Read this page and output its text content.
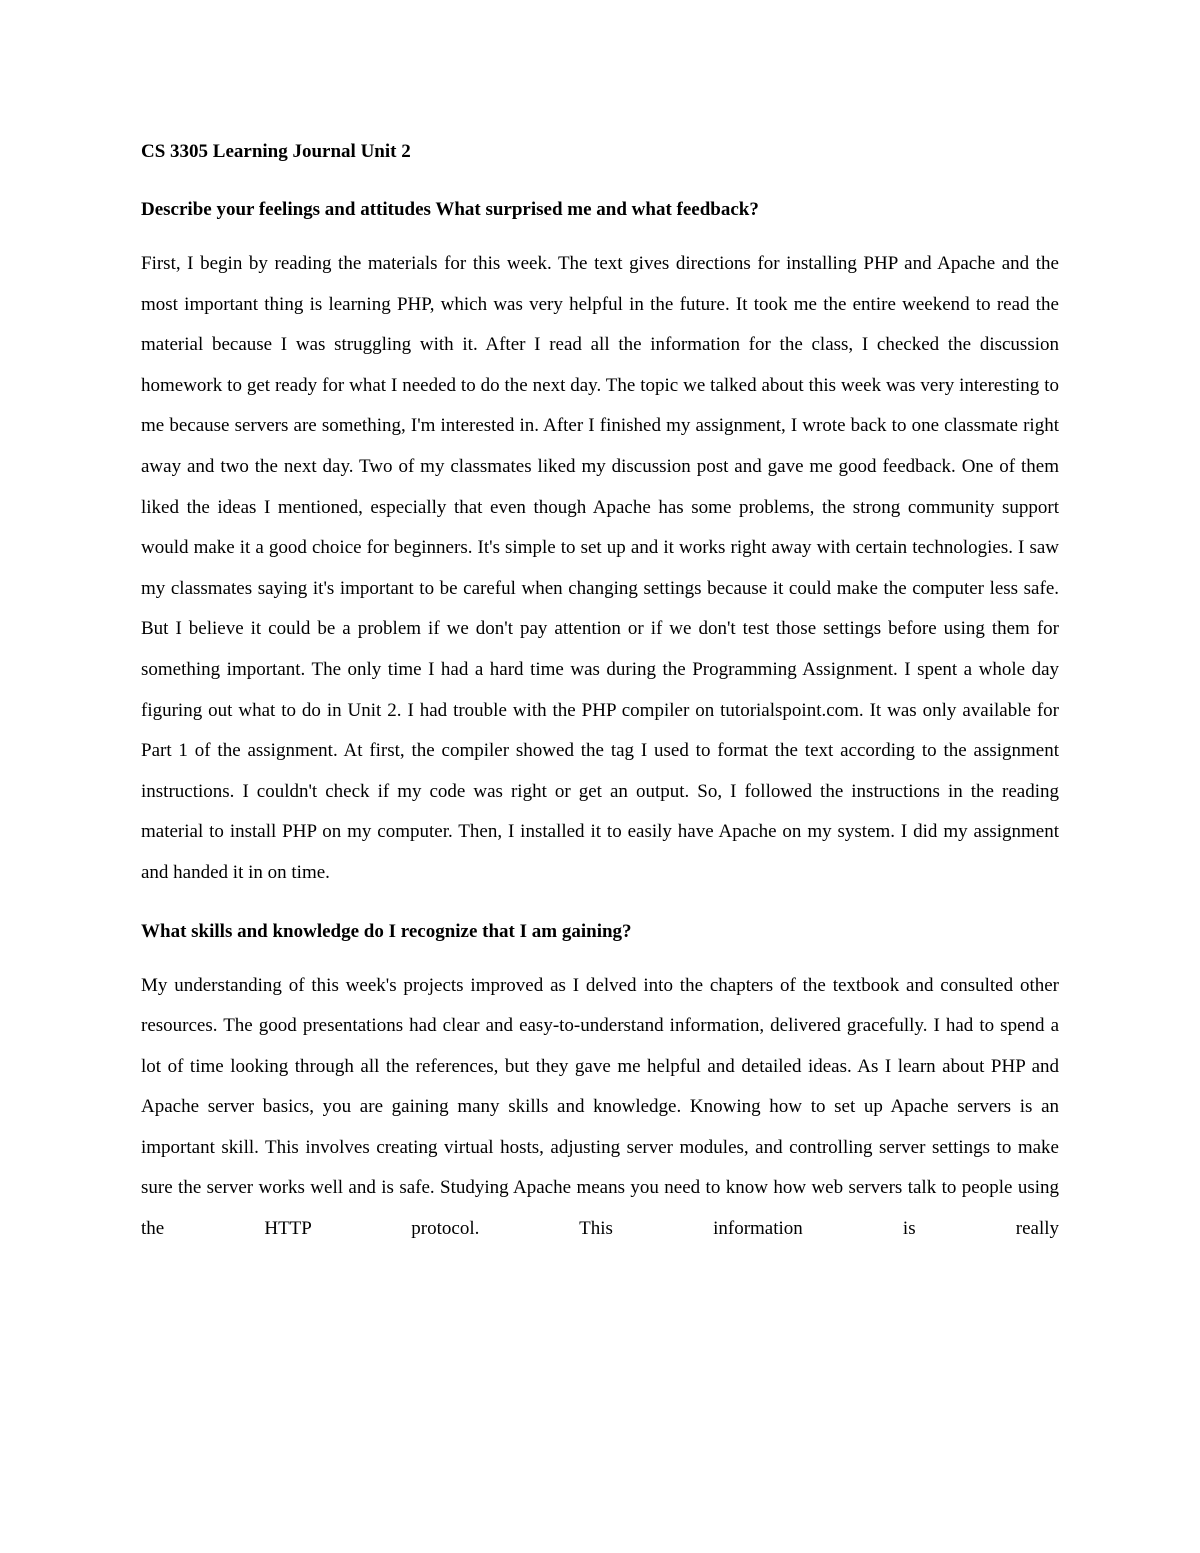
CS 3305 Learning Journal Unit 2
Describe your feelings and attitudes What surprised me and what feedback?

First, I begin by reading the materials for this week. The text gives directions for installing PHP and Apache and the most important thing is learning PHP, which was very helpful in the future. It took me the entire weekend to read the material because I was struggling with it. After I read all the information for the class, I checked the discussion homework to get ready for what I needed to do the next day. The topic we talked about this week was very interesting to me because servers are something, I'm interested in. After I finished my assignment, I wrote back to one classmate right away and two the next day. Two of my classmates liked my discussion post and gave me good feedback. One of them liked the ideas I mentioned, especially that even though Apache has some problems, the strong community support would make it a good choice for beginners. It's simple to set up and it works right away with certain technologies. I saw my classmates saying it's important to be careful when changing settings because it could make the computer less safe. But I believe it could be a problem if we don't pay attention or if we don't test those settings before using them for something important. The only time I had a hard time was during the Programming Assignment. I spent a whole day figuring out what to do in Unit 2. I had trouble with the PHP compiler on tutorialspoint.com. It was only available for Part 1 of the assignment. At first, the compiler showed the tag I used to format the text according to the assignment instructions. I couldn't check if my code was right or get an output. So, I followed the instructions in the reading material to install PHP on my computer. Then, I installed it to easily have Apache on my system. I did my assignment and handed it in on time.

What skills and knowledge do I recognize that I am gaining?

My understanding of this week's projects improved as I delved into the chapters of the textbook and consulted other resources. The good presentations had clear and easy-to-understand information, delivered gracefully. I had to spend a lot of time looking through all the references, but they gave me helpful and detailed ideas. As I learn about PHP and Apache server basics, you are gaining many skills and knowledge. Knowing how to set up Apache servers is an important skill. This involves creating virtual hosts, adjusting server modules, and controlling server settings to make sure the server works well and is safe. Studying Apache means you need to know how web servers talk to people using the HTTP protocol. This information is really
